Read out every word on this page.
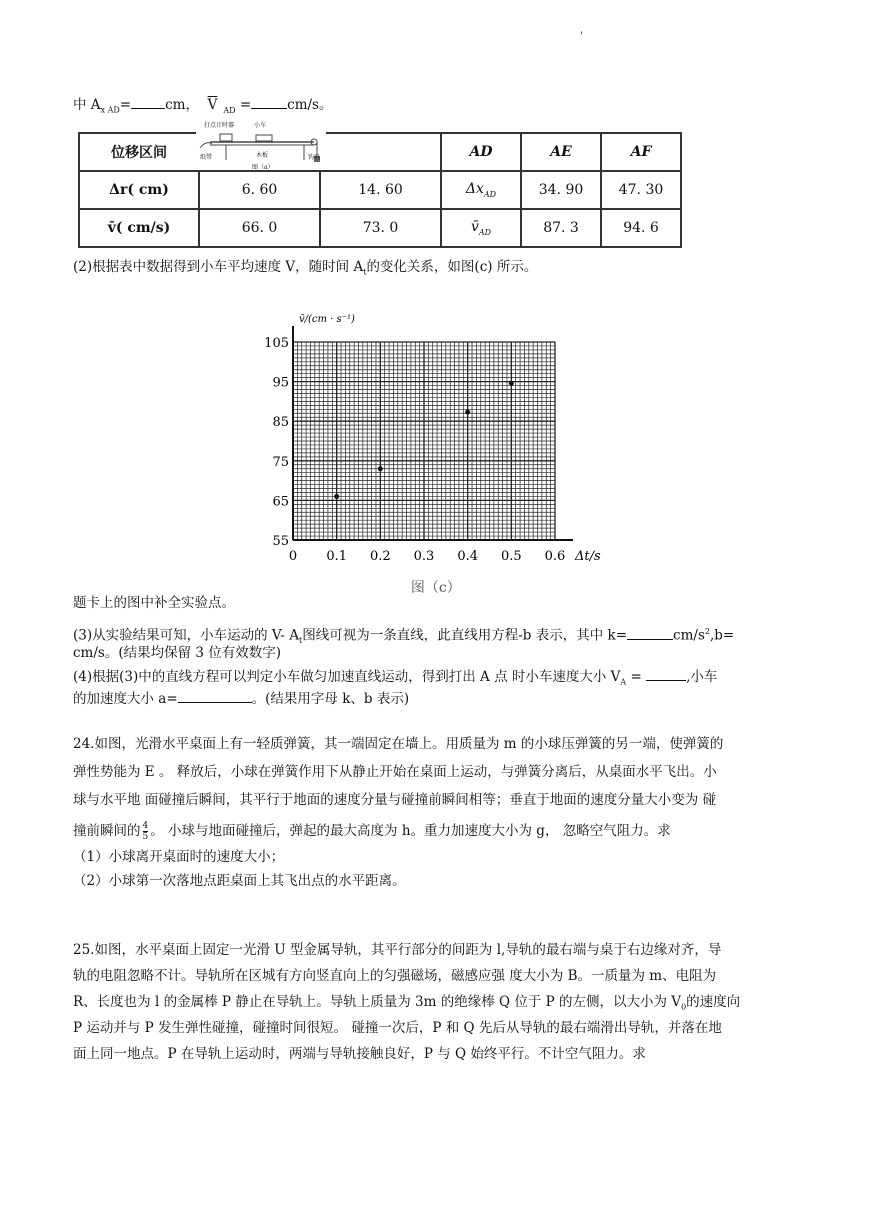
'
中 $A_{x AD}=$	cm， $\overline{V}$ $_{AD}$ =	cm/s。
位移区间			AD	AE	AF
Δr( cm)	6. 60	14. 60	$\Delta x_{AD}$	34. 90	47. 30
v̄( cm/s)	66. 0	73. 0	$v̄_{AD}$	87. 3	94. 6
打点计时器	小车
纸带	木板	钩码
图（a）
(2)根据表中数据得到小车平均速度 V，随时间 $A_t$的变化关系，如图(c) 所示。
0 0.1 0.2 0.3 0.4 0.5 0.6
55
65
75
85
95
105
v̄/(cm · s⁻¹)
Δt/s
图（c）
题卡上的图中补全实验点。
(3)从实验结果可知，小车运动的 V- $A_t$图线可视为一条直线，此直线用方程-b 表示，其中 k=	$cm/s^2,b=$
cm/s。(结果均保留 3 位有效数字)
(4)根据(3)中的直线方程可以判定小车做匀加速直线运动，得到打出 A 点 时小车速度大小 $V_A$ =	,小车
的加速度大小 a=	。(结果用字母 k、b 表示)
24.如图，光滑水平桌面上有一轻质弹簧，其一端固定在墙上。用质量为 m 的小球压弹簧的另一端，使弹簧的
弹性势能为 E 。 释放后，小球在弹簧作用下从静止开始在桌面上运动，与弹簧分离后，从桌面水平飞出。小
球与水平地 面碰撞后瞬间，其平行于地面的速度分量与碰撞前瞬间相等；垂直于地面的速度分量大小变为 碰
撞前瞬间的 $\frac{4}{5}$ 。 小球与地面碰撞后，弹起的最大高度为 h。重力加速度大小为 g， 忽略空气阻力。求
（1）小球离开桌面时的速度大小；
（2）小球第一次落地点距桌面上其飞出点的水平距离。
25.如图，水平桌面上固定一光滑 U 型金属导轨，其平行部分的间距为 l,导轨的最右端与桌于右边缘对齐，导
轨的电阻忽略不计。导轨所在区城有方向竖直向上的匀强磁场，磁感应强 度大小为 B。一质量为 m、电阻为
R、长度也为 l 的金属棒 P 静止在导轨上。导轨上质量为 3m 的绝缘棒 Q 位于 P 的左侧，以大小为 $V_0$的速度向
P 运动并与 P 发生弹性碰撞，碰撞时间很短。 碰撞一次后，P 和 Q 先后从导轨的最右端滑出导轨，并落在地
面上同一地点。P 在导轨上运动时，两端与导轨接触良好，P 与 Q 始终平行。不计空气阻力。求
